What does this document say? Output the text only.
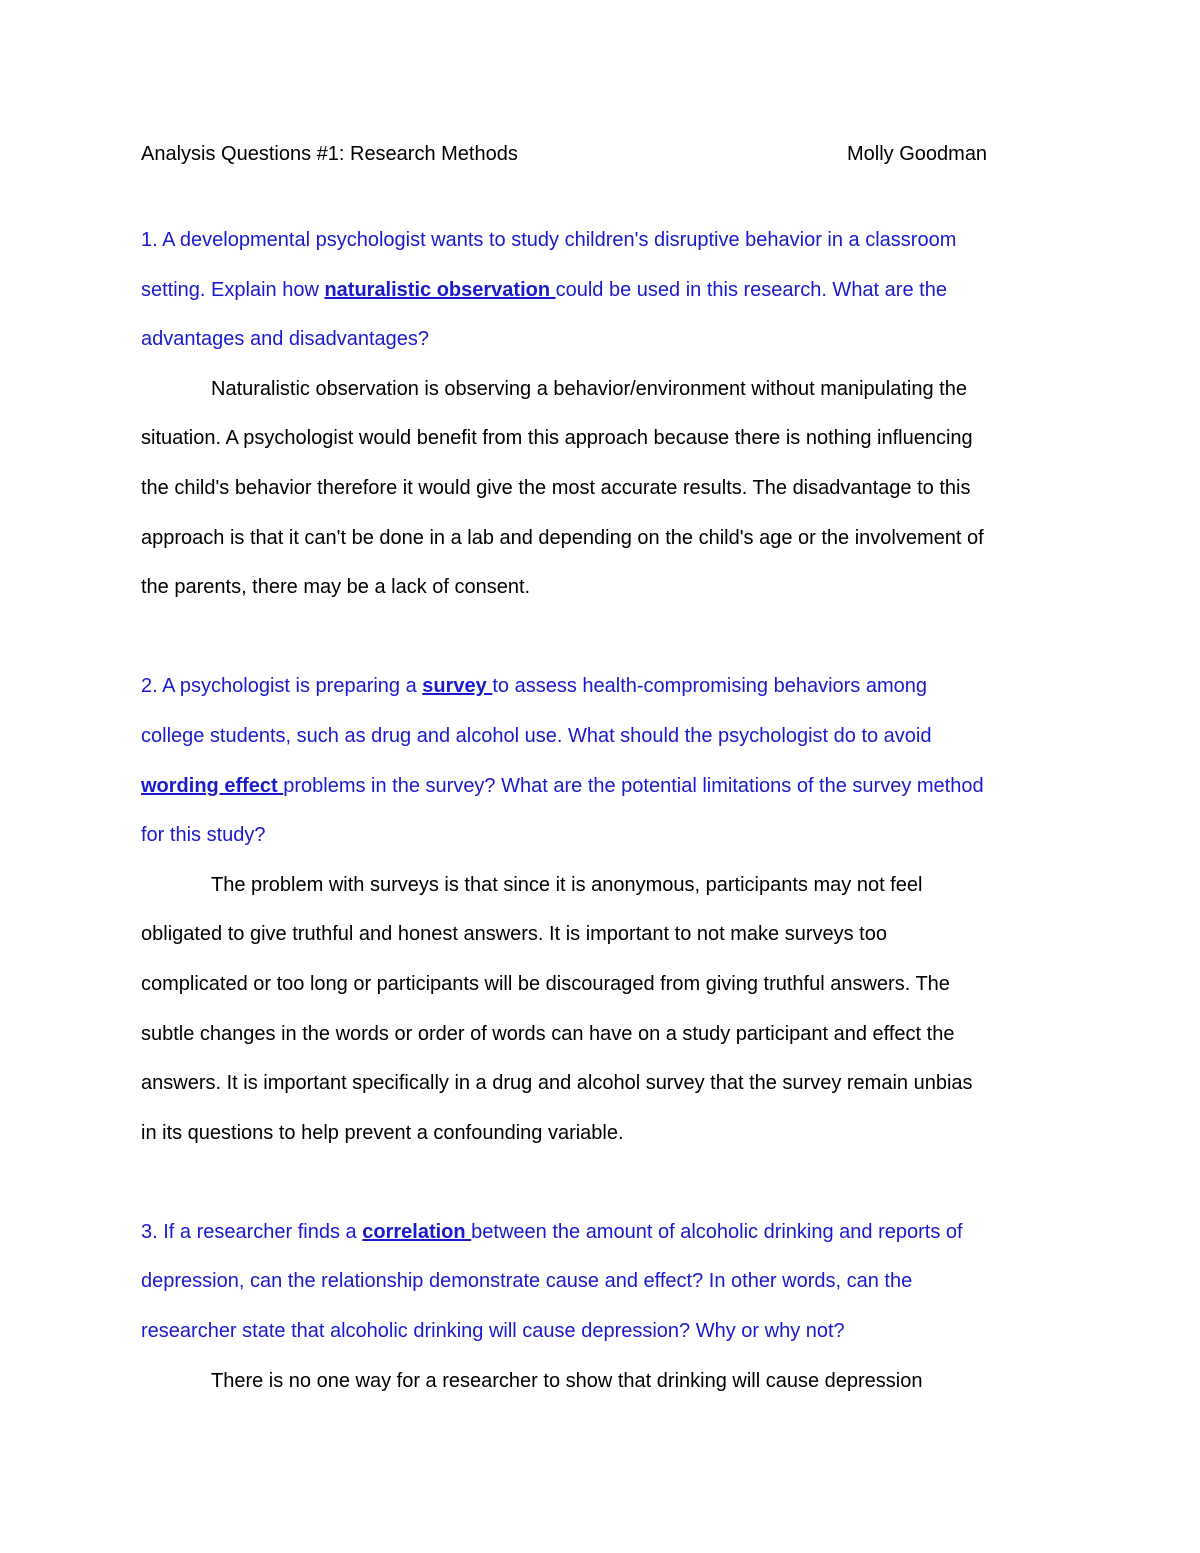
Analysis Questions #1: Research Methods	Molly Goodman
1. A developmental psychologist wants to study children's disruptive behavior in a classroom
setting. Explain how naturalistic observation could be used in this research. What are the
advantages and disadvantages?
Naturalistic observation is observing a behavior/environment without manipulating the
situation. A psychologist would benefit from this approach because there is nothing influencing
the child's behavior therefore it would give the most accurate results. The disadvantage to this
approach is that it can't be done in a lab and depending on the child's age or the involvement of
the parents, there may be a lack of consent.
2. A psychologist is preparing a survey to assess health-compromising behaviors among
college students, such as drug and alcohol use. What should the psychologist do to avoid
wording effect problems in the survey? What are the potential limitations of the survey method
for this study?
The problem with surveys is that since it is anonymous, participants may not feel
obligated to give truthful and honest answers. It is important to not make surveys too
complicated or too long or participants will be discouraged from giving truthful answers. The
subtle changes in the words or order of words can have on a study participant and effect the
answers. It is important specifically in a drug and alcohol survey that the survey remain unbias
in its questions to help prevent a confounding variable.
3. If a researcher finds a correlation between the amount of alcoholic drinking and reports of
depression, can the relationship demonstrate cause and effect? In other words, can the
researcher state that alcoholic drinking will cause depression? Why or why not?
There is no one way for a researcher to show that drinking will cause depression
